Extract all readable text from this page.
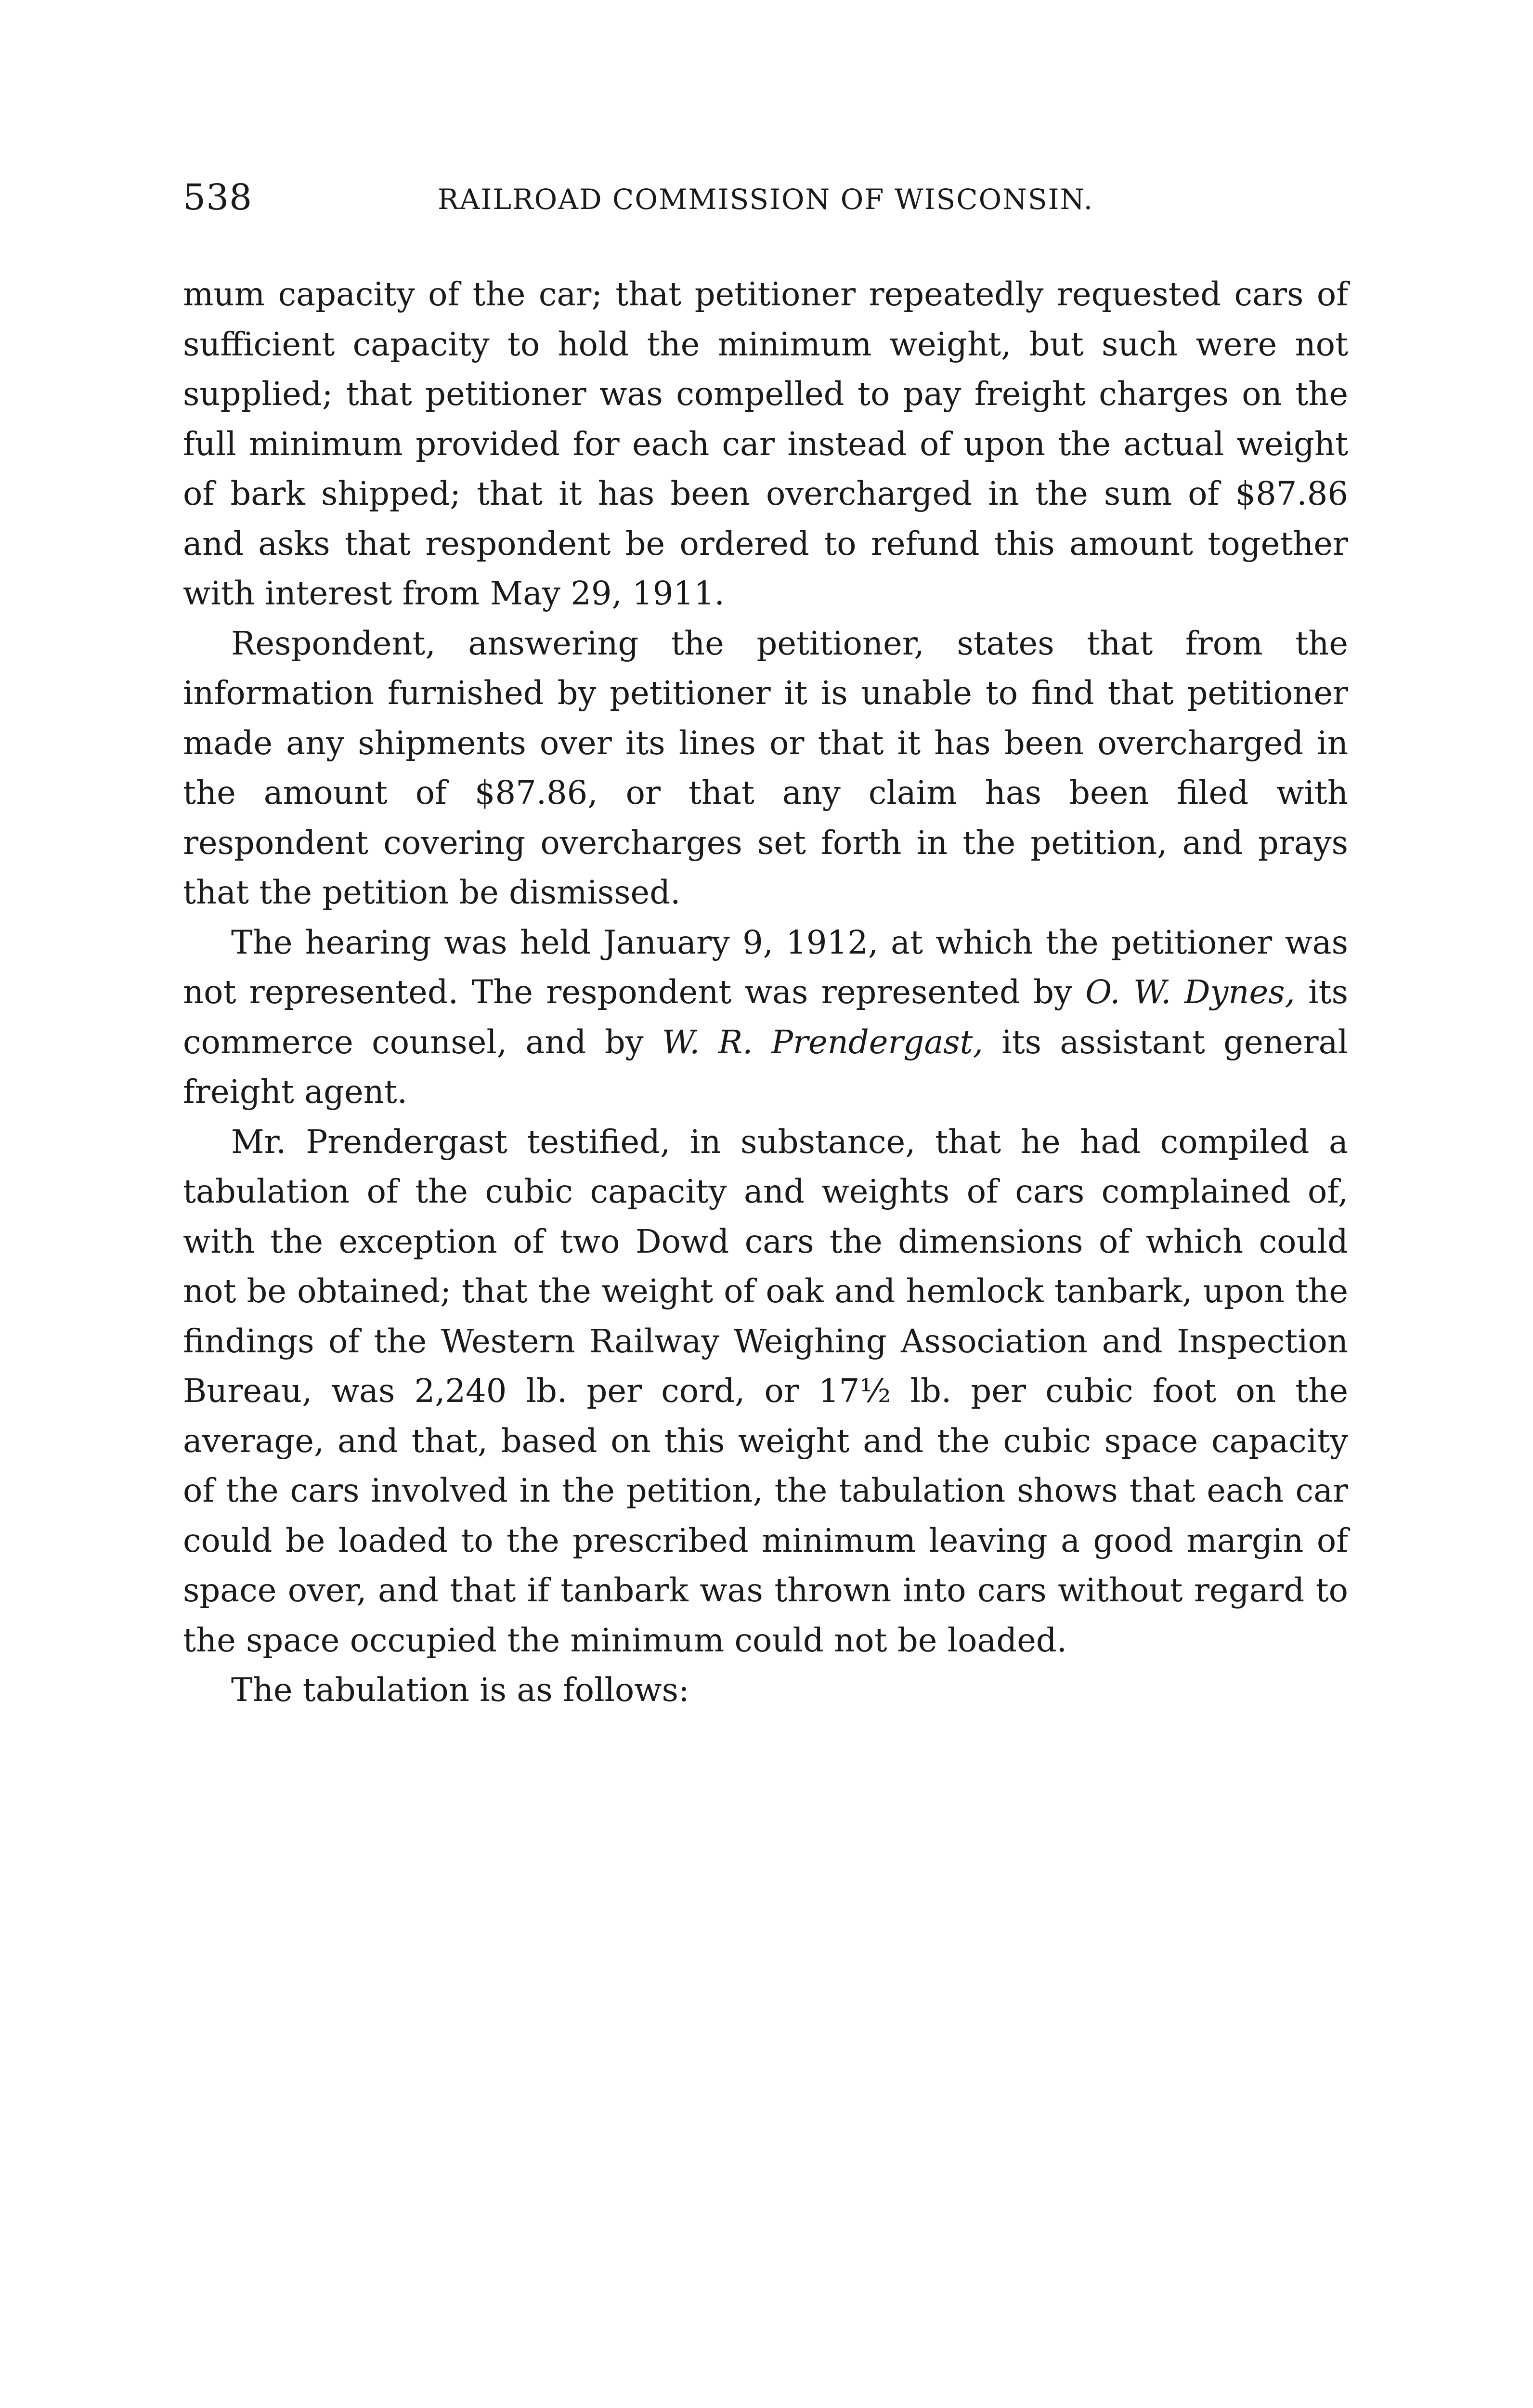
538	RAILROAD COMMISSION OF WISCONSIN.

mum capacity of the car; that petitioner repeatedly requested cars of sufficient capacity to hold the minimum weight, but such were not supplied; that petitioner was compelled to pay freight charges on the full minimum provided for each car instead of upon the actual weight of bark shipped; that it has been overcharged in the sum of $87.86 and asks that respondent be ordered to refund this amount together with interest from May 29, 1911.

Respondent, answering the petitioner, states that from the information furnished by petitioner it is unable to find that petitioner made any shipments over its lines or that it has been overcharged in the amount of $87.86, or that any claim has been filed with respondent covering overcharges set forth in the petition, and prays that the petition be dismissed.

The hearing was held January 9, 1912, at which the petitioner was not represented. The respondent was represented by O. W. Dynes, its commerce counsel, and by W. R. Prendergast, its assistant general freight agent.

Mr. Prendergast testified, in substance, that he had compiled a tabulation of the cubic capacity and weights of cars complained of, with the exception of two Dowd cars the dimensions of which could not be obtained; that the weight of oak and hemlock tanbark, upon the findings of the Western Railway Weighing Association and Inspection Bureau, was 2,240 lb. per cord, or 17½ lb. per cubic foot on the average, and that, based on this weight and the cubic space capacity of the cars involved in the petition, the tabulation shows that each car could be loaded to the prescribed minimum leaving a good margin of space over, and that if tanbark was thrown into cars without regard to the space occupied the minimum could not be loaded.

The tabulation is as follows:
